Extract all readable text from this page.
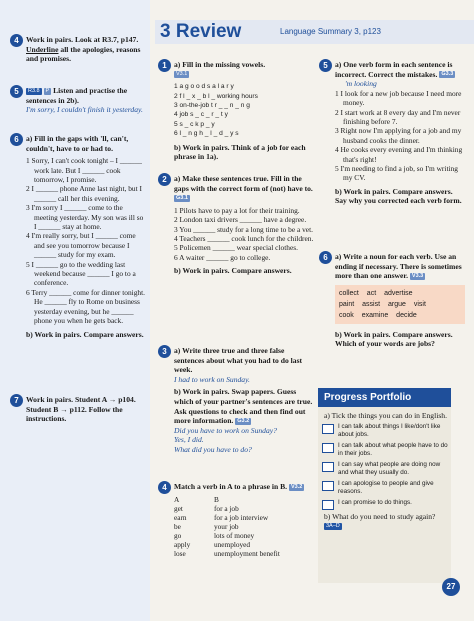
4 Work in pairs. Look at R3.7, p147. Underline all the apologies, reasons and promises.
5	R3.8 P Listen and practise the sentences in 2b).
I'm sorry, I couldn't finish it yesterday.
6 a) Fill in the gaps with 'll, can't, couldn't, have to or had to.
1 Sorry, I can't cook tonight – I ______ work late. But I ______ cook tomorrow, I promise.
2 I ______ phone Anne last night, but I ______ call her this evening.
3 I'm sorry I ______ come to the meeting yesterday. My son was ill so I ______ stay at home.
4 I'm really sorry, but I ______ come and see you tomorrow because I ______ study for my exam.
5 I ______ go to the wedding last weekend because ______ I go to a conference.
6 Terry ______ come for dinner tonight. He ______ fly to Rome on business yesterday evening, but he ______ phone you when he gets back.
b) Work in pairs. Compare answers.
7 Work in pairs. Student A → p104. Student B → p112. Follow the instructions.
3 Review	Language Summary 3, p123
1 a) Fill in the missing vowels.
V3.1
1 a g o o d s a l a r y
2 f l _ x _ b l _ working hours
3 on-the-job t r _ _ n _ n g
4 job s _ c _ r _ t y
5 s _ c k p _ y
6 l _ n g h _ l _ d _ y s
b) Work in pairs. Think of a job for each phrase in 1a).
2 a) Make these sentences true. Fill in the gaps with the correct form of (not) have to. G3.1
1 Pilots have to pay a lot for their training.
2 London taxi drivers ______ have a degree.
3 You ______ study for a long time to be a vet.
4 Teachers ______ cook lunch for the children.
5 Policemen ______ wear special clothes.
6 A waiter ______ go to college.
b) Work in pairs. Compare answers.
3 a) Write three true and three false sentences about what you had to do last week.
I had to work on Sunday.
b) Work in pairs. Swap papers. Guess which of your partner's sentences are true. Ask questions to check and then find out more information. G3.2
Did you have to work on Sunday?
Yes, I did.
What did you have to do?
4 Match a verb in A to a phrase in B. V3.2
A
get
earn
be
go
apply
lose
B
for a job
for a job interview
your job
lots of money
unemployed
unemployment benefit
5 a) One verb form in each sentence is incorrect. Correct the mistakes. G3.3
'm looking
1 I look for a new job because I need more money.
2 I start work at 8 every day and I'm never finishing before 7.
3 Right now I'm applying for a job and my husband cooks the dinner.
4 He cooks every evening and I'm thinking that's right!
5 I'm needing to find a job, so I'm writing my CV.
b) Work in pairs. Compare answers. Say why you corrected each verb form.
6 a) Write a noun for each verb. Use an ending if necessary. There is sometimes more than one answer. V3.3
collect act advertise
paint assist argue visit
cook examine decide
b) Work in pairs. Compare answers. Which of your words are jobs?
Progress Portfolio
a) Tick the things you can do in English.
I can talk about things I like/don't like about jobs.
I can talk about what people have to do in their jobs.
I can say what people are doing now and what they usually do.
I can apologise to people and give reasons.
I can promise to do things.
b) What do you need to study again? 3A–D
27
